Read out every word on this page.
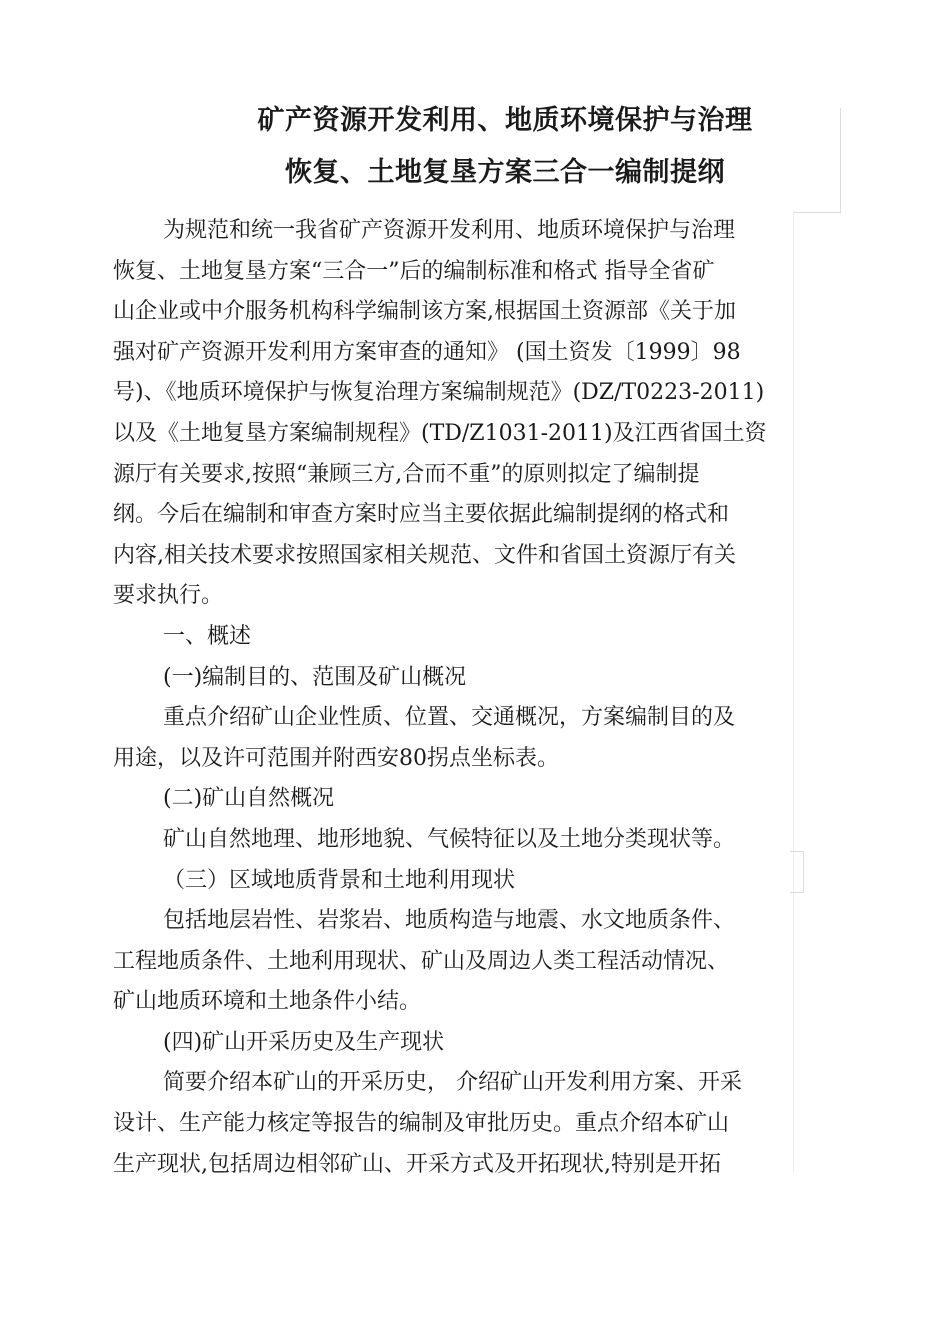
矿产资源开发利用、地质环境保护与治理
恢复、土地复垦方案三合一编制提纲
为规范和统一我省矿产资源开发利用、地质环境保护与治理
恢复、土地复垦方案“三合一”后的编制标准和格式 指导全省矿
山企业或中介服务机构科学编制该方案,根据国土资源部《关于加
强对矿产资源开发利用方案审查的通知》 (国土资发〔1999〕98
号)、《地质环境保护与恢复治理方案编制规范》(DZ/T0223-2011)
以及《土地复垦方案编制规程》(TD/Z1031-2011)及江西省国土资
源厅有关要求,按照“兼顾三方,合而不重”的原则拟定了编制提
纲。今后在编制和审查方案时应当主要依据此编制提纲的格式和
内容,相关技术要求按照国家相关规范、文件和省国土资源厅有关
要求执行。
一、概述
(一)编制目的、范围及矿山概况
重点介绍矿山企业性质、位置、交通概况，方案编制目的及
用途，以及许可范围并附西安80拐点坐标表。
(二)矿山自然概况
矿山自然地理、地形地貌、气候特征以及土地分类现状等。
（三）区域地质背景和土地利用现状
包括地层岩性、岩浆岩、地质构造与地震、水文地质条件、
工程地质条件、土地利用现状、矿山及周边人类工程活动情况、
矿山地质环境和土地条件小结。
(四)矿山开采历史及生产现状
简要介绍本矿山的开采历史， 介绍矿山开发利用方案、开采
设计、生产能力核定等报告的编制及审批历史。重点介绍本矿山
生产现状,包括周边相邻矿山、开采方式及开拓现状,特别是开拓
